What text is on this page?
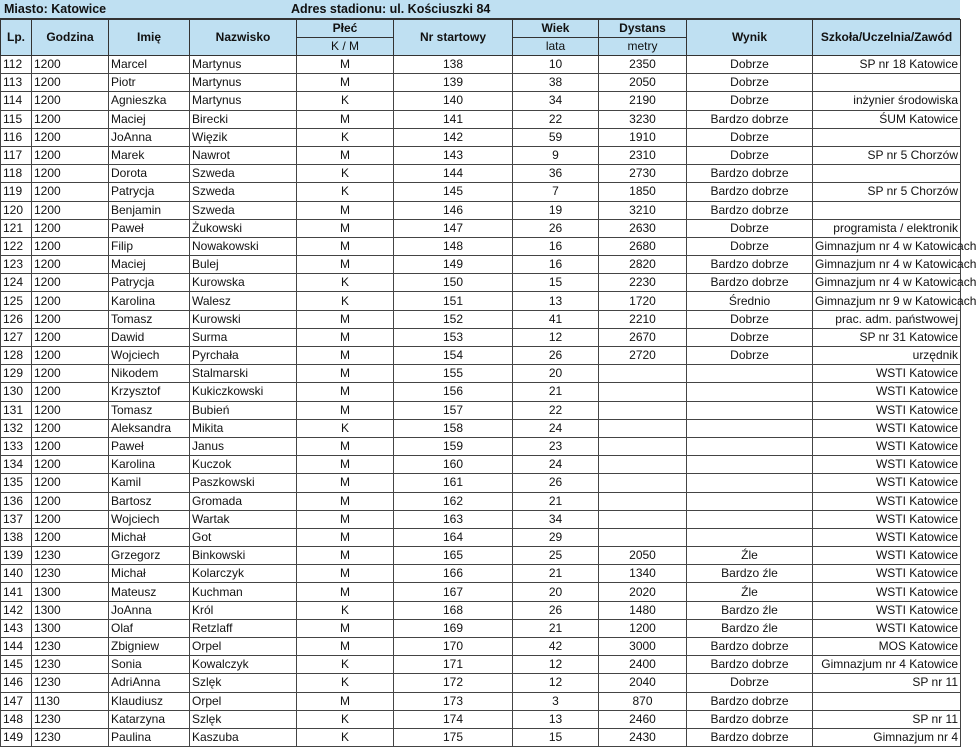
Miasto: Katowice	Adres stadionu: ul. Kościuszki 84
Lp.	Godzina	Imię	Nazwisko	Płeć	Nr startowy	Wiek	Dystans	Wynik	Szkoła/Uczelnia/Zawód
				K / M		lata	metry		
112	1200	Marcel	Martynus	M	138	10	2350	Dobrze	SP nr 18 Katowice
113	1200	Piotr	Martynus	M	139	38	2050	Dobrze	
114	1200	Agnieszka	Martynus	K	140	34	2190	Dobrze	inżynier środowiska
115	1200	Maciej	Birecki	M	141	22	3230	Bardzo dobrze	ŚUM Katowice
116	1200	JoAnna	Więzik	K	142	59	1910	Dobrze	
117	1200	Marek	Nawrot	M	143	9	2310	Dobrze	SP nr 5 Chorzów
118	1200	Dorota	Szweda	K	144	36	2730	Bardzo dobrze	
119	1200	Patrycja	Szweda	K	145	7	1850	Bardzo dobrze	SP nr 5 Chorzów
120	1200	Benjamin	Szweda	M	146	19	3210	Bardzo dobrze	
121	1200	Paweł	Żukowski	M	147	26	2630	Dobrze	programista / elektronik
122	1200	Filip	Nowakowski	M	148	16	2680	Dobrze	Gimnazjum nr 4 w Katowicach
123	1200	Maciej	Bulej	M	149	16	2820	Bardzo dobrze	Gimnazjum nr 4 w Katowicach
124	1200	Patrycja	Kurowska	K	150	15	2230	Bardzo dobrze	Gimnazjum nr 4 w Katowicach
125	1200	Karolina	Walesz	K	151	13	1720	Średnio	Gimnazjum nr 9 w Katowicach
126	1200	Tomasz	Kurowski	M	152	41	2210	Dobrze	prac. adm. państwowej
127	1200	Dawid	Surma	M	153	12	2670	Dobrze	SP nr 31 Katowice
128	1200	Wojciech	Pyrchała	M	154	26	2720	Dobrze	urzędnik
129	1200	Nikodem	Stalmarski	M	155	20			WSTI Katowice
130	1200	Krzysztof	Kukiczkowski	M	156	21			WSTI Katowice
131	1200	Tomasz	Bubień	M	157	22			WSTI Katowice
132	1200	Aleksandra	Mikita	K	158	24			WSTI Katowice
133	1200	Paweł	Janus	M	159	23			WSTI Katowice
134	1200	Karolina	Kuczok	M	160	24			WSTI Katowice
135	1200	Kamil	Paszkowski	M	161	26			WSTI Katowice
136	1200	Bartosz	Gromada	M	162	21			WSTI Katowice
137	1200	Wojciech	Wartak	M	163	34			WSTI Katowice
138	1200	Michał	Got	M	164	29			WSTI Katowice
139	1230	Grzegorz	Binkowski	M	165	25	2050	Źle	WSTI Katowice
140	1230	Michał	Kolarczyk	M	166	21	1340	Bardzo źle	WSTI Katowice
141	1300	Mateusz	Kuchman	M	167	20	2020	Źle	WSTI Katowice
142	1300	JoAnna	Król	K	168	26	1480	Bardzo źle	WSTI Katowice
143	1300	Olaf	Retzlaff	M	169	21	1200	Bardzo źle	WSTI Katowice
144	1230	Zbigniew	Orpel	M	170	42	3000	Bardzo dobrze	MOS Katowice
145	1230	Sonia	Kowalczyk	K	171	12	2400	Bardzo dobrze	Gimnazjum nr 4 Katowice
146	1230	AdriAnna	Szlęk	K	172	12	2040	Dobrze	SP nr 11
147	1130	Klaudiusz	Orpel	M	173	3	870	Bardzo dobrze	
148	1230	Katarzyna	Szlęk	K	174	13	2460	Bardzo dobrze	SP nr 11
149	1230	Paulina	Kaszuba	K	175	15	2430	Bardzo dobrze	Gimnazjum nr 4
